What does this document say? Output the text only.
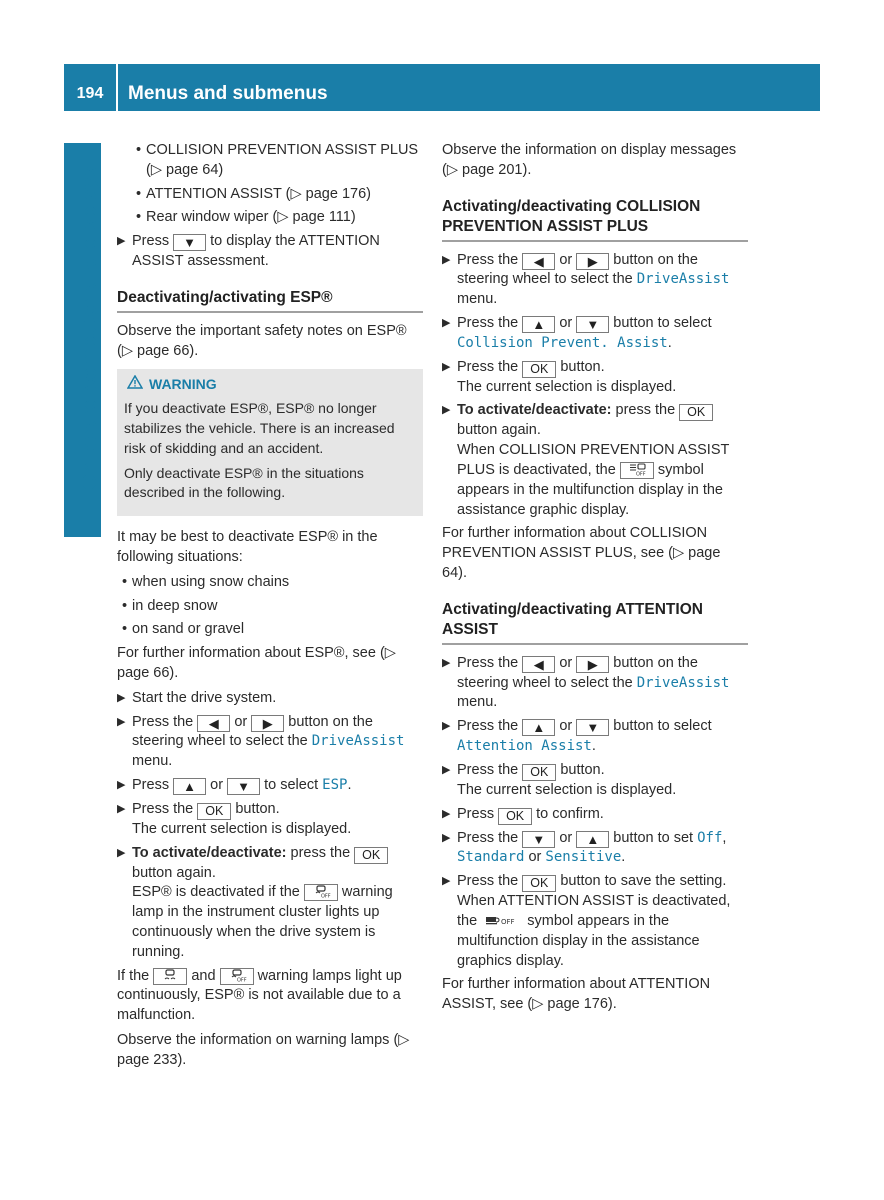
194	Menus and submenus
On-board computer and displays
• COLLISION PREVENTION ASSIST PLUS (▷ page 64)
• ATTENTION ASSIST (▷ page 176)
• Rear window wiper (▷ page 111)
▶ Press ▼ to display the ATTENTION ASSIST assessment.
Deactivating/activating ESP®

Observe the important safety notes on ESP® (▷ page 66).

WARNING

If you deactivate ESP®, ESP® no longer stabilizes the vehicle. There is an increased risk of skidding and an accident.

Only deactivate ESP® in the situations described in the following.

It may be best to deactivate ESP® in the following situations:

• when using snow chains
• in deep snow
• on sand or gravel

For further information about ESP®, see (▷ page 66).

▶ Start the drive system.
▶ Press the ◀ or ▶ button on the steering wheel to select the DriveAssist menu.
▶ Press ▲ or ▼ to select ESP.
▶ Press the OK button.
The current selection is displayed.
▶ To activate/deactivate: press the OK button again.
ESP® is deactivated if the	OFF warning lamp in the instrument cluster lights up continuously when the drive system is running.

If the	and	OFF warning lamps light up continuously, ESP® is not available due to a malfunction.

Observe the information on warning lamps (▷ page 233).

Observe the information on display messages (▷ page 201).

Activating/deactivating COLLISION PREVENTION ASSIST PLUS
▶ Press the ◀ or ▶ button on the steering wheel to select the DriveAssist menu.
▶ Press the ▲ or ▼ button to select Collision Prevent. Assist.
▶ Press the OK button.
The current selection is displayed.
▶ To activate/deactivate: press the OK button again.
When COLLISION PREVENTION ASSIST PLUS is deactivated, the	OFF symbol appears in the multifunction display in the assistance graphic display.

For further information about COLLISION PREVENTION ASSIST PLUS, see (▷ page 64).

Activating/deactivating ATTENTION ASSIST
▶ Press the ◀ or ▶ button on the steering wheel to select the DriveAssist menu.
▶ Press the ▲ or ▼ button to select Attention Assist.
▶ Press the OK button.
The current selection is displayed.
▶ Press OK to confirm.
▶ Press the ▼ or ▲ button to set Off, Standard or Sensitive.
▶ Press the OK button to save the setting.
When ATTENTION ASSIST is deactivated, the	OFF symbol appears in the multifunction display in the assistance graphics display.

For further information about ATTENTION ASSIST, see (▷ page 176).
